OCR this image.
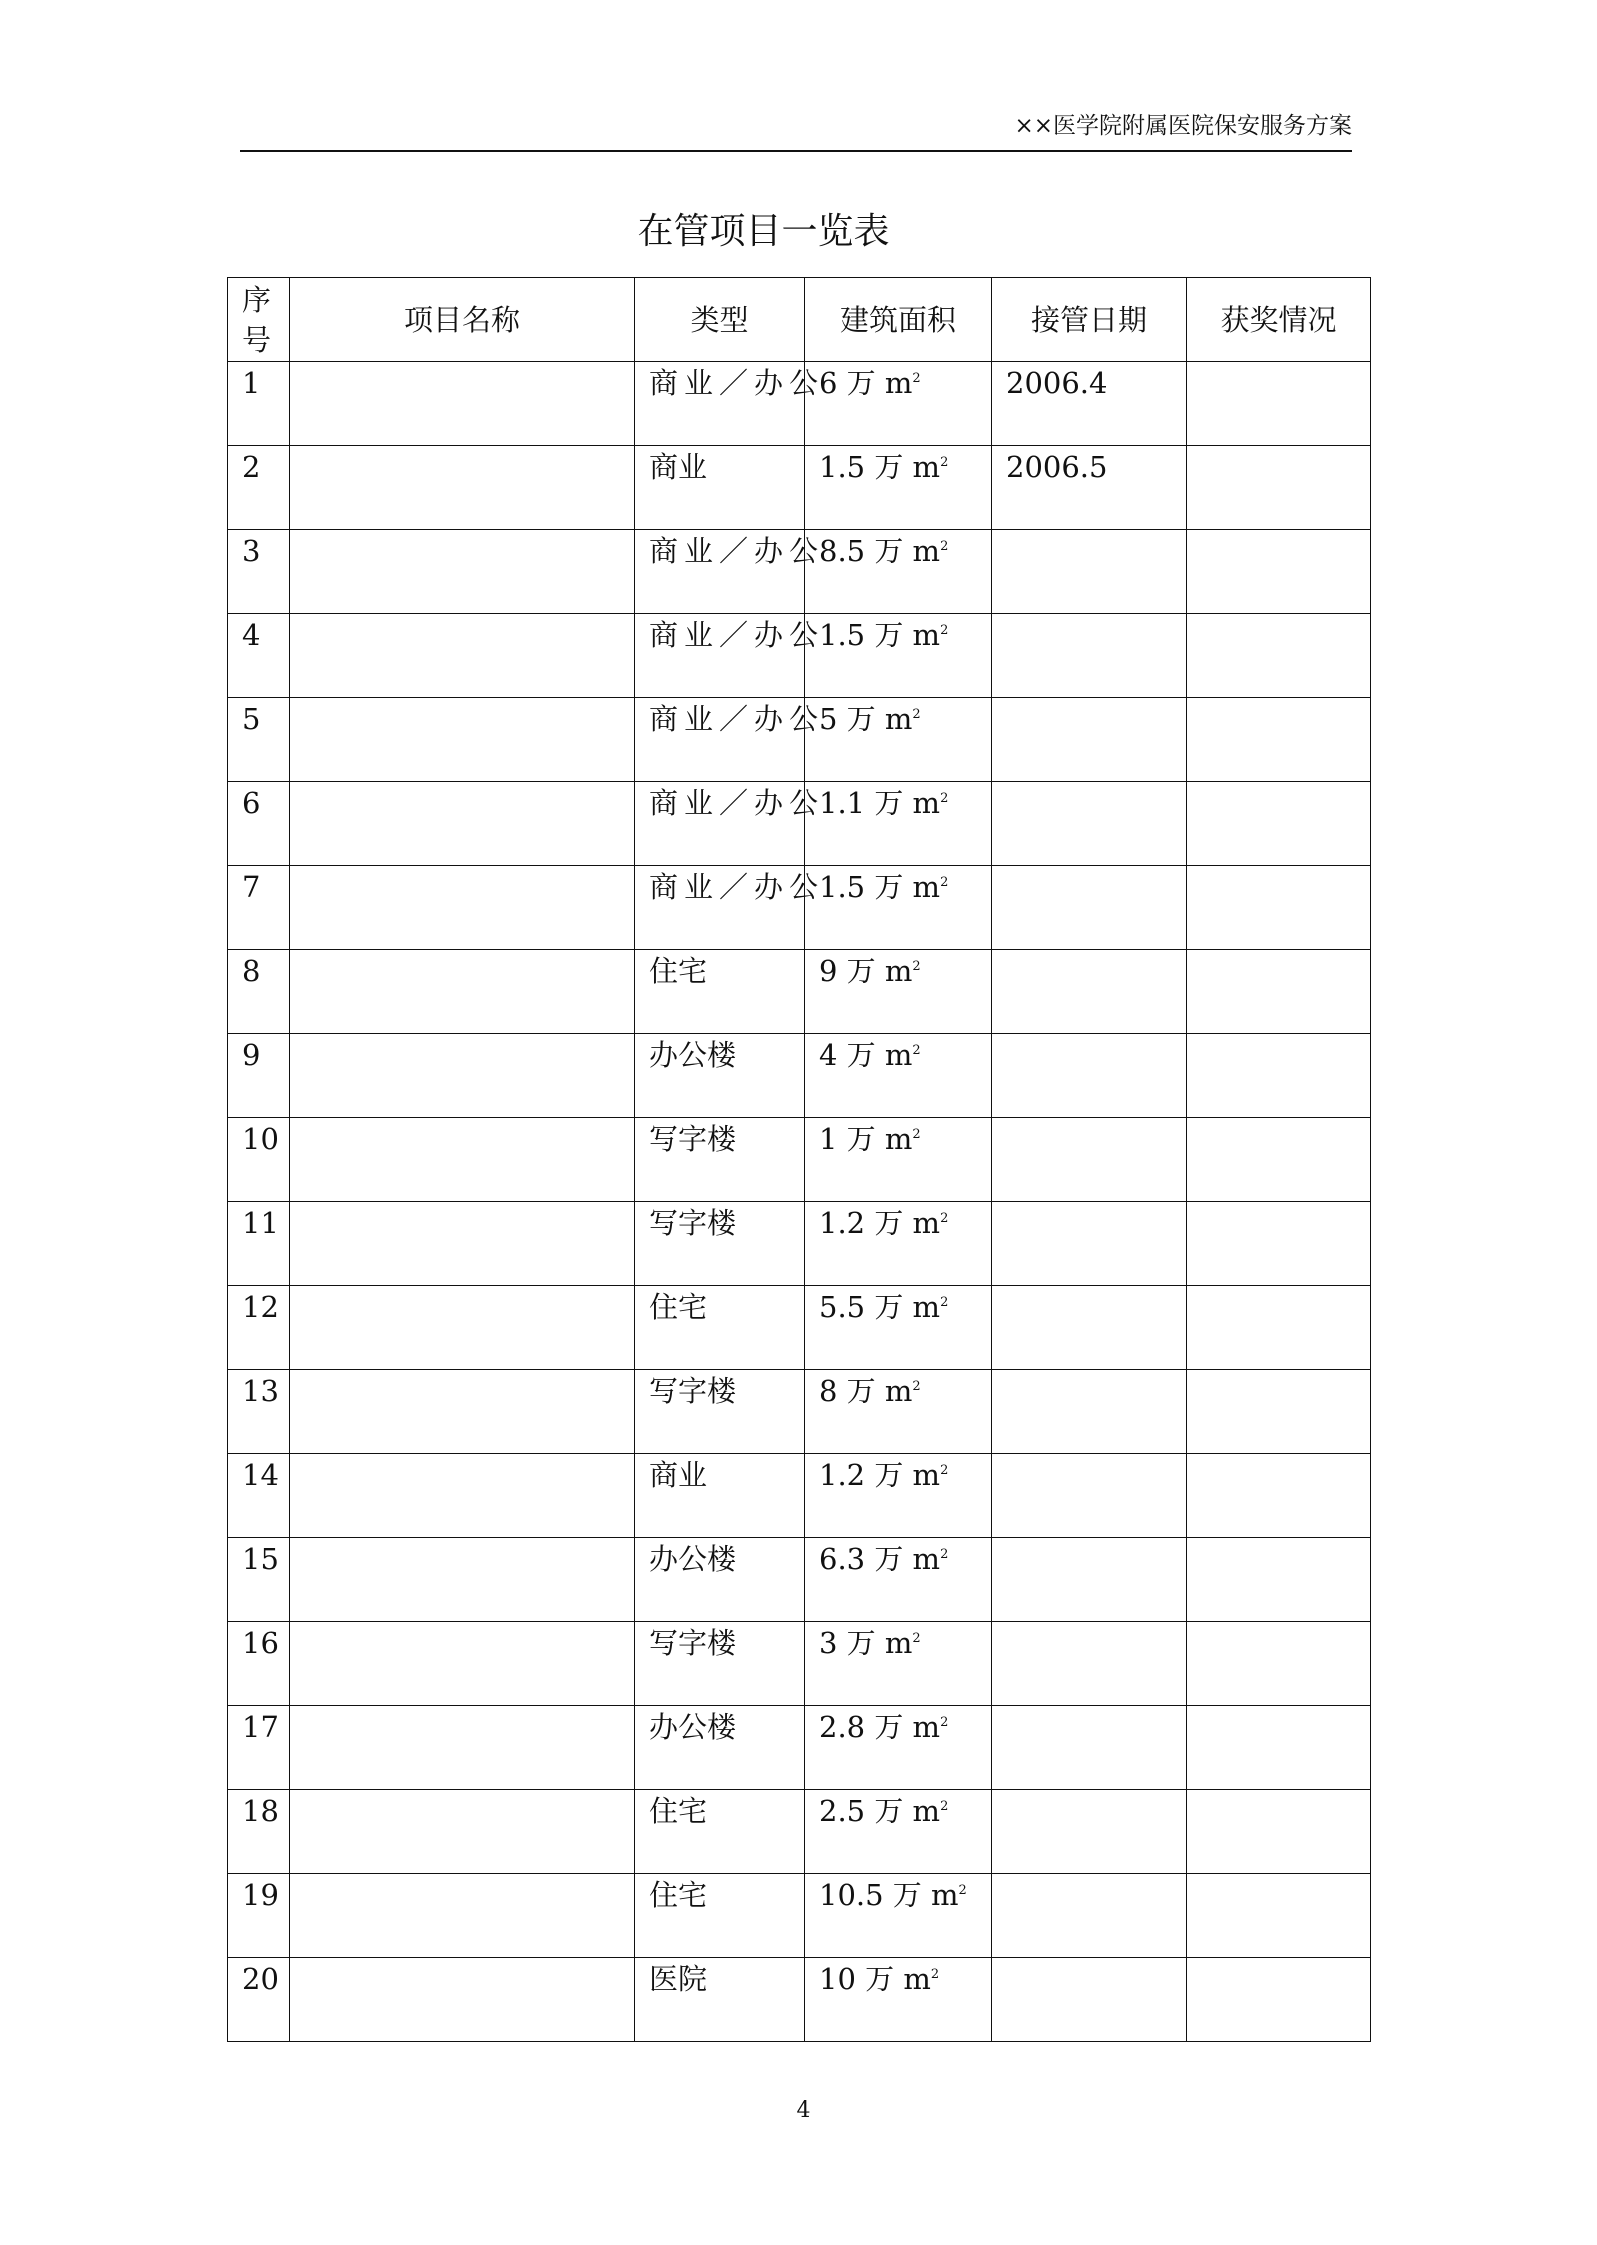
××医学院附属医院保安服务方案
在管项目一览表
序号	项目名称	类型	建筑面积	接管日期	获奖情况
1		商业／办公	6 万 $m^2$	2006.4	
2		商业	1.5 万 $m^2$	2006.5	
3		商业／办公	8.5 万 $m^2$		
4		商业／办公	1.5 万 $m^2$		
5		商业／办公	5 万 $m^2$		
6		商业／办公	1.1 万 $m^2$		
7		商业／办公	1.5 万 $m^2$		
8		住宅	9 万 $m^2$		
9		办公楼	4 万 $m^2$		
10		写字楼	1 万 $m^2$		
11		写字楼	1.2 万 $m^2$		
12		住宅	5.5 万 $m^2$		
13		写字楼	8 万 $m^2$		
14		商业	1.2 万 $m^2$		
15		办公楼	6.3 万 $m^2$		
16		写字楼	3 万 $m^2$		
17		办公楼	2.8 万 $m^2$		
18		住宅	2.5 万 $m^2$		
19		住宅	10.5 万 $m^2$		
20		医院	10 万 $m^2$		
4
